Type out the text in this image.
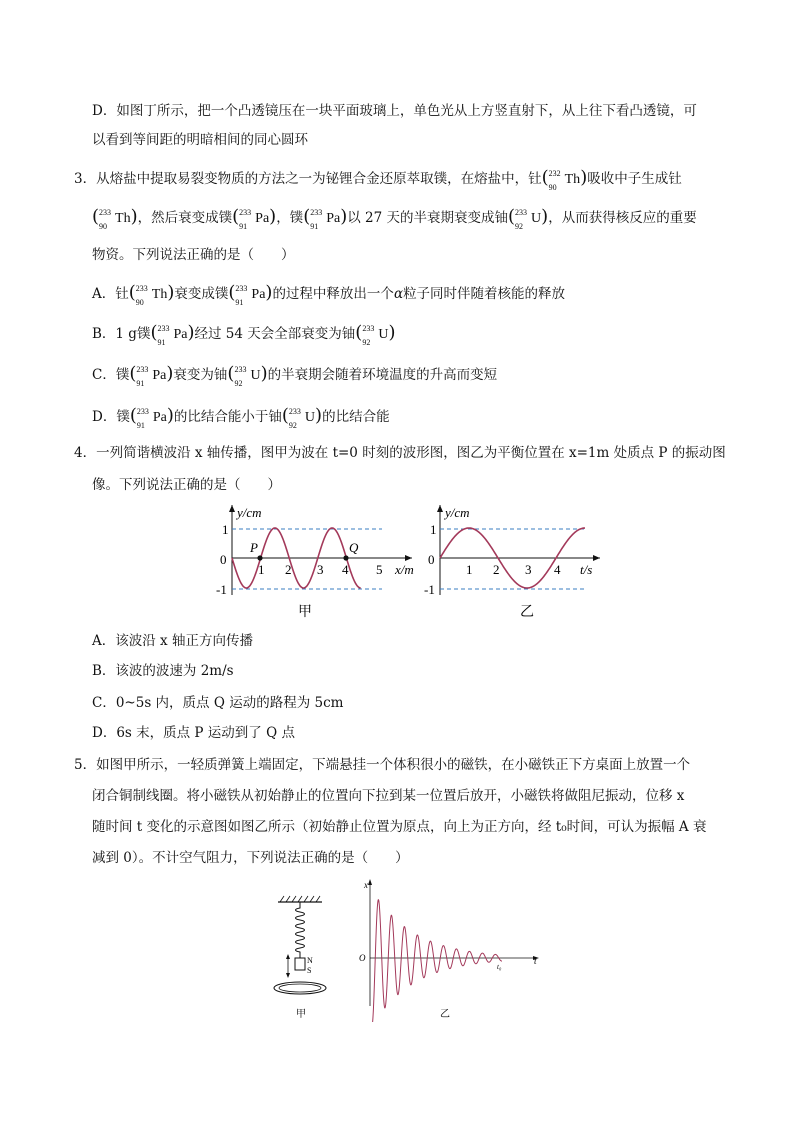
D．如图丁所示，把一个凸透镜压在一块平面玻璃上，单色光从上方竖直射下，从上往下看凸透镜，可
以看到等间距的明暗相间的同心圆环
3．从熔盐中提取易裂变物质的方法之一为铋锂合金还原萃取镤，在熔盐中，钍( 232
90
Th)吸收中子生成钍
( 233
90
Th)，然后衰变成镤( 233
91
Pa)，镤( 233
91
Pa)以 27 天的半衰期衰变成铀( 233
92
U)，从而获得核反应的重要
物资。下列说法正确的是（　　）
A．钍( 233
90
Th)衰变成镤( 233
91
Pa)的过程中释放出一个α粒子同时伴随着核能的释放
B．1 g镤( 233
91
Pa)经过 54 天会全部衰变为铀( 233
92
U)
C．镤( 233
91
Pa)衰变为铀( 233
92
U)的半衰期会随着环境温度的升高而变短
D．镤( 233
91
Pa)的比结合能小于铀( 233
92
U)的比结合能
4．一列简谐横波沿 x 轴传播，图甲为波在 t=0 时刻的波形图，图乙为平衡位置在 x=1m 处质点 P 的振动图
像。下列说法正确的是（　　）
P	Q
y/cm
x/m
1
0
-1
1 2 3 4 5
甲
y/cm
t/s
1
0
-1
1 2 3 4
乙
A．该波沿 x 轴正方向传播
B．该波的波速为 2m/s
C．0~5s 内，质点 Q 运动的路程为 5cm
D．6s 末，质点 P 运动到了 Q 点
5．如图甲所示，一轻质弹簧上端固定，下端悬挂一个体积很小的磁铁，在小磁铁正下方桌面上放置一个
闭合铜制线圈。将小磁铁从初始静止的位置向下拉到某一位置后放开，小磁铁将做阻尼振动，位移 x
随时间 t 变化的示意图如图乙所示（初始静止位置为原点，向上为正方向，经 t₀时间，可认为振幅 A 衰
减到 0）。不计空气阻力，下列说法正确的是（　　）
N
S
甲
x
O	t
t₀
乙
